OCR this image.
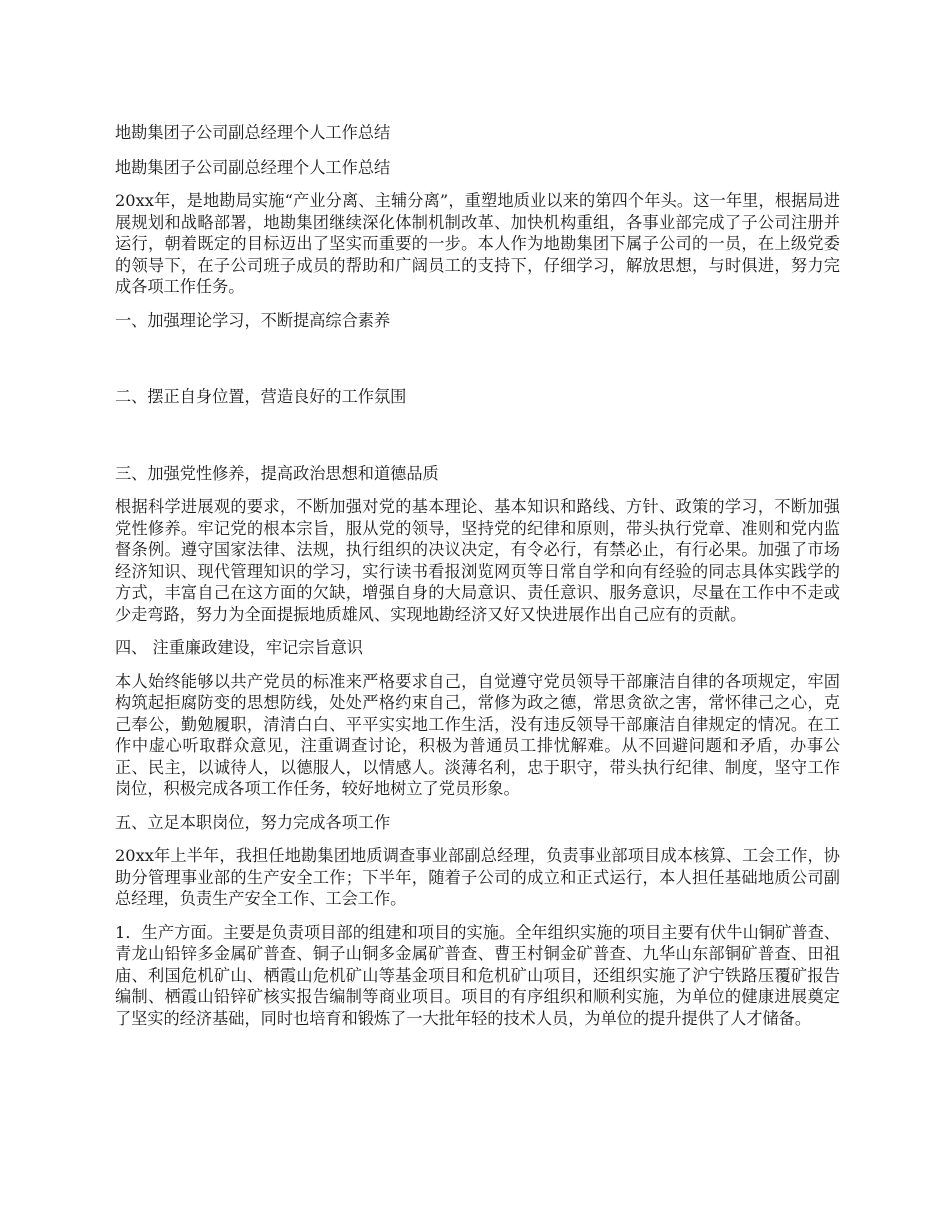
地勘集团子公司副总经理个人工作总结

地勘集团子公司副总经理个人工作总结

20xx年，是地勘局实施“产业分离、主辅分离”，重塑地质业以来的第四个年头。这一年里，根据局进展规划和战略部署，地勘集团继续深化体制机制改革、加快机构重组，各事业部完成了子公司注册并运行，朝着既定的目标迈出了坚实而重要的一步。本人作为地勘集团下属子公司的一员，在上级党委的领导下，在子公司班子成员的帮助和广阔员工的支持下，仔细学习，解放思想，与时俱进，努力完成各项工作任务。

一、加强理论学习，不断提高综合素养

二、摆正自身位置，营造良好的工作氛围

三、加强党性修养，提高政治思想和道德品质

根据科学进展观的要求，不断加强对党的基本理论、基本知识和路线、方针、政策的学习，不断加强党性修养。牢记党的根本宗旨，服从党的领导，坚持党的纪律和原则，带头执行党章、准则和党内监督条例。遵守国家法律、法规，执行组织的决议决定，有令必行，有禁必止，有行必果。加强了市场经济知识、现代管理知识的学习，实行读书看报浏览网页等日常自学和向有经验的同志具体实践学的方式，丰富自己在这方面的欠缺，增强自身的大局意识、责任意识、服务意识，尽量在工作中不走或少走弯路，努力为全面提振地质雄风、实现地勘经济又好又快进展作出自己应有的贡献。

四、 注重廉政建设，牢记宗旨意识

本人始终能够以共产党员的标准来严格要求自己，自觉遵守党员领导干部廉洁自律的各项规定，牢固构筑起拒腐防变的思想防线，处处严格约束自己，常修为政之德，常思贪欲之害，常怀律己之心，克己奉公，勤勉履职，清清白白、平平实实地工作生活，没有违反领导干部廉洁自律规定的情况。在工作中虚心听取群众意见，注重调查讨论，积极为普通员工排忧解难。从不回避问题和矛盾，办事公正、民主，以诚待人，以德服人，以情感人。淡薄名利，忠于职守，带头执行纪律、制度，坚守工作岗位，积极完成各项工作任务，较好地树立了党员形象。

五、立足本职岗位，努力完成各项工作

20xx年上半年，我担任地勘集团地质调查事业部副总经理，负责事业部项目成本核算、工会工作，协助分管理事业部的生产安全工作；下半年，随着子公司的成立和正式运行，本人担任基础地质公司副总经理，负责生产安全工作、工会工作。

1．生产方面。主要是负责项目部的组建和项目的实施。全年组织实施的项目主要有伏牛山铜矿普查、青龙山铅锌多金属矿普查、铜子山铜多金属矿普查、曹王村铜金矿普查、九华山东部铜矿普查、田祖庙、利国危机矿山、栖霞山危机矿山等基金项目和危机矿山项目，还组织实施了沪宁铁路压覆矿报告编制、栖霞山铅锌矿核实报告编制等商业项目。项目的有序组织和顺利实施，为单位的健康进展奠定了坚实的经济基础，同时也培育和锻炼了一大批年轻的技术人员，为单位的提升提供了人才储备。
